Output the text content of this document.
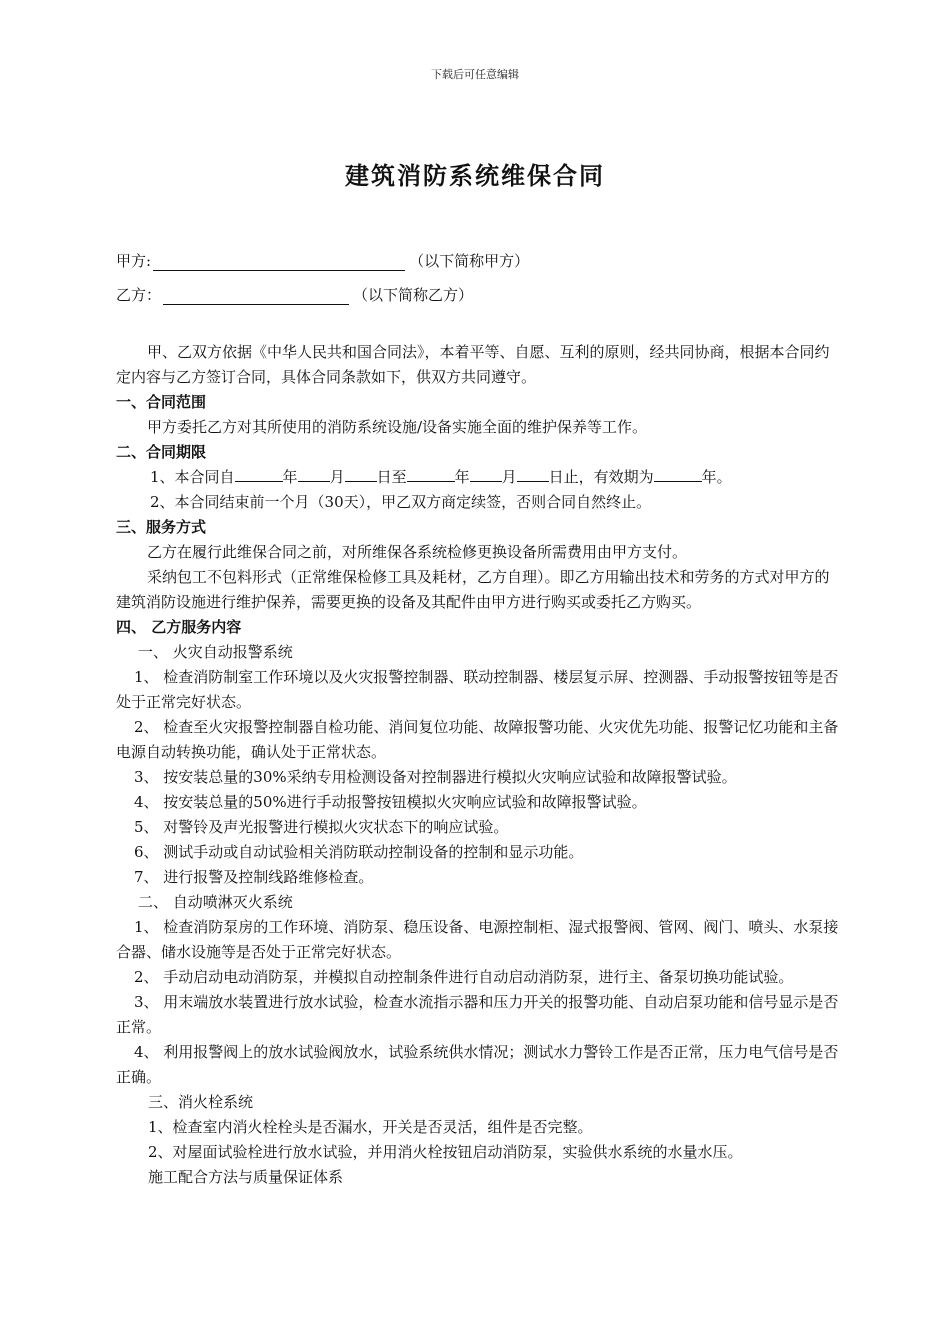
下载后可任意编辑
建筑消防系统维保合同
甲方:	（以下简称甲方）
乙方：	（以下简称乙方）

甲、乙双方依据《中华人民共和国合同法》，本着平等、自愿、互利的原则，经共同协商，根据本合同约定内容与乙方签订合同，具体合同条款如下，供双方共同遵守。

一、合同范围

甲方委托乙方对其所使用的消防系统设施/设备实施全面的维护保养等工作。

二、合同期限

1、本合同自	年 月 日至	年 月 日止，有效期为	年。

2、本合同结束前一个月（30天），甲乙双方商定续签，否则合同自然终止。

三、服务方式

乙方在履行此维保合同之前，对所维保各系统检修更换设备所需费用由甲方支付。

采纳包工不包料形式（正常维保检修工具及耗材，乙方自理）。即乙方用输出技术和劳务的方式对甲方的建筑消防设施进行维护保养，需要更换的设备及其配件由甲方进行购买或委托乙方购买。

四、 乙方服务内容

一、 火灾自动报警系统

1、 检查消防制室工作环境以及火灾报警控制器、联动控制器、楼层复示屏、控测器、手动报警按钮等是否处于正常完好状态。

2、 检查至火灾报警控制器自检功能、消间复位功能、故障报警功能、火灾优先功能、报警记忆功能和主备电源自动转换功能，确认处于正常状态。

3、 按安装总量的30%采纳专用检测设备对控制器进行模拟火灾响应试验和故障报警试验。

4、 按安装总量的50%进行手动报警按钮模拟火灾响应试验和故障报警试验。

5、 对警铃及声光报警进行模拟火灾状态下的响应试验。

6、 测试手动或自动试验相关消防联动控制设备的控制和显示功能。

7、 进行报警及控制线路维修检查。

二、 自动喷淋灭火系统

1、 检查消防泵房的工作环境、消防泵、稳压设备、电源控制柜、湿式报警阀、管网、阀门、喷头、水泵接合器、储水设施等是否处于正常完好状态。

2、 手动启动电动消防泵，并模拟自动控制条件进行自动启动消防泵，进行主、备泵切换功能试验。

3、 用末端放水装置进行放水试验，检查水流指示器和压力开关的报警功能、自动启泵功能和信号显示是否正常。

4、 利用报警阀上的放水试验阀放水，试验系统供水情况；测试水力警铃工作是否正常，压力电气信号是否正确。

三、消火栓系统

1、检查室内消火栓栓头是否漏水，开关是否灵活，组件是否完整。

2、对屋面试验栓进行放水试验，并用消火栓按钮启动消防泵，实验供水系统的水量水压。

施工配合方法与质量保证体系
